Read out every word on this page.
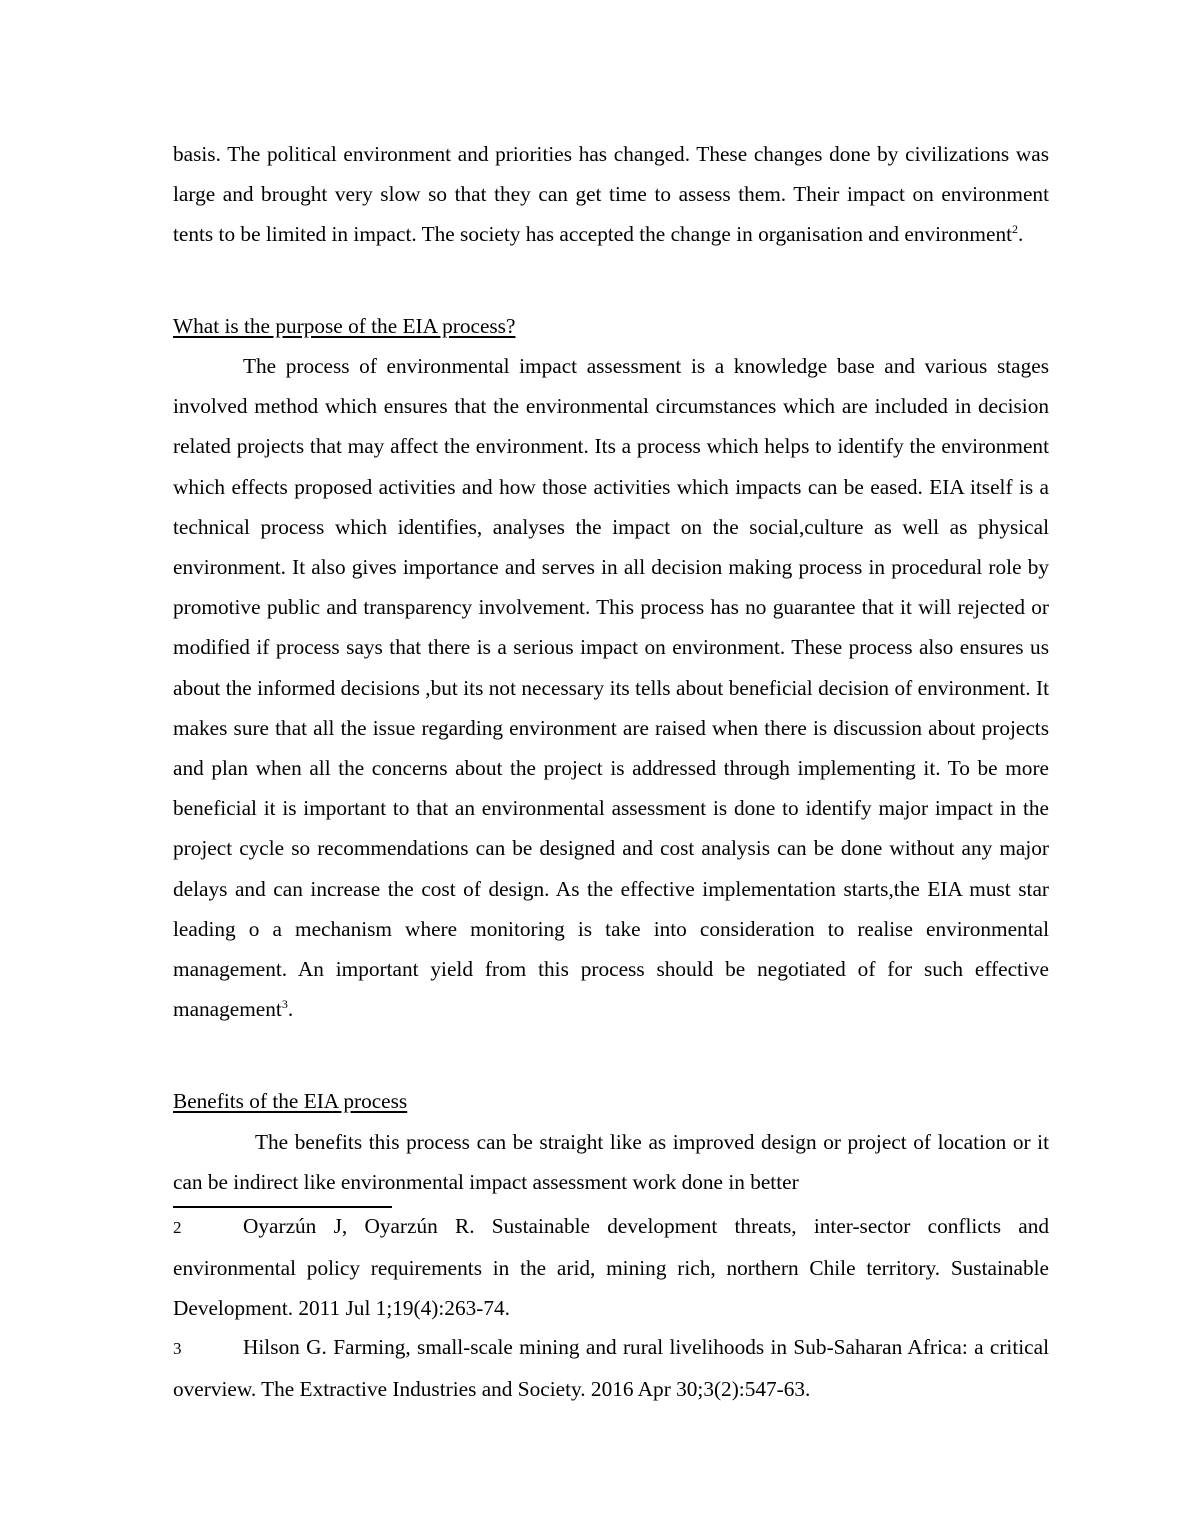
basis. The political environment and priorities has changed. These changes done by civilizations was large and brought very slow so that they can get time to assess them. Their impact on environment tents to be limited in impact. The society has accepted the change in organisation and environment$^2$.
What is the purpose of the EIA process?
The process of environmental impact assessment is a knowledge base and various stages involved method which ensures that the environmental circumstances which are included in decision related projects that may affect the environment. Its a process which helps to identify the environment which effects proposed activities and how those activities which impacts can be eased. EIA itself is a technical process which identifies, analyses the impact on the social,culture as well as physical environment. It also gives importance and serves in all decision making process in procedural role by promotive public and transparency involvement. This process has no guarantee that it will rejected or modified if process says that there is a serious impact on environment. These process also ensures us about the informed decisions ,but its not necessary its tells about beneficial decision of environment. It makes sure that all the issue regarding environment are raised when there is discussion about projects and plan when all the concerns about the project is addressed through implementing it. To be more beneficial it is important to that an environmental assessment is done to identify major impact in the project cycle so recommendations can be designed and cost analysis can be done without any major delays and can increase the cost of design. As the effective implementation starts,the EIA must star leading o a mechanism where monitoring is take into consideration to realise environmental management. An important yield from this process should be negotiated of for such effective management$^3$.
Benefits of the EIA process
The benefits this process can be straight like as improved design or project of location or it can be indirect like environmental impact assessment work done in better
2	Oyarzún J, Oyarzún R. Sustainable development threats, inter-sector conflicts and environmental policy requirements in the arid, mining rich, northern Chile territory. Sustainable Development. 2011 Jul 1;19(4):263-74.
3	Hilson G. Farming, small-scale mining and rural livelihoods in Sub-Saharan Africa: a critical overview. The Extractive Industries and Society. 2016 Apr 30;3(2):547-63.
